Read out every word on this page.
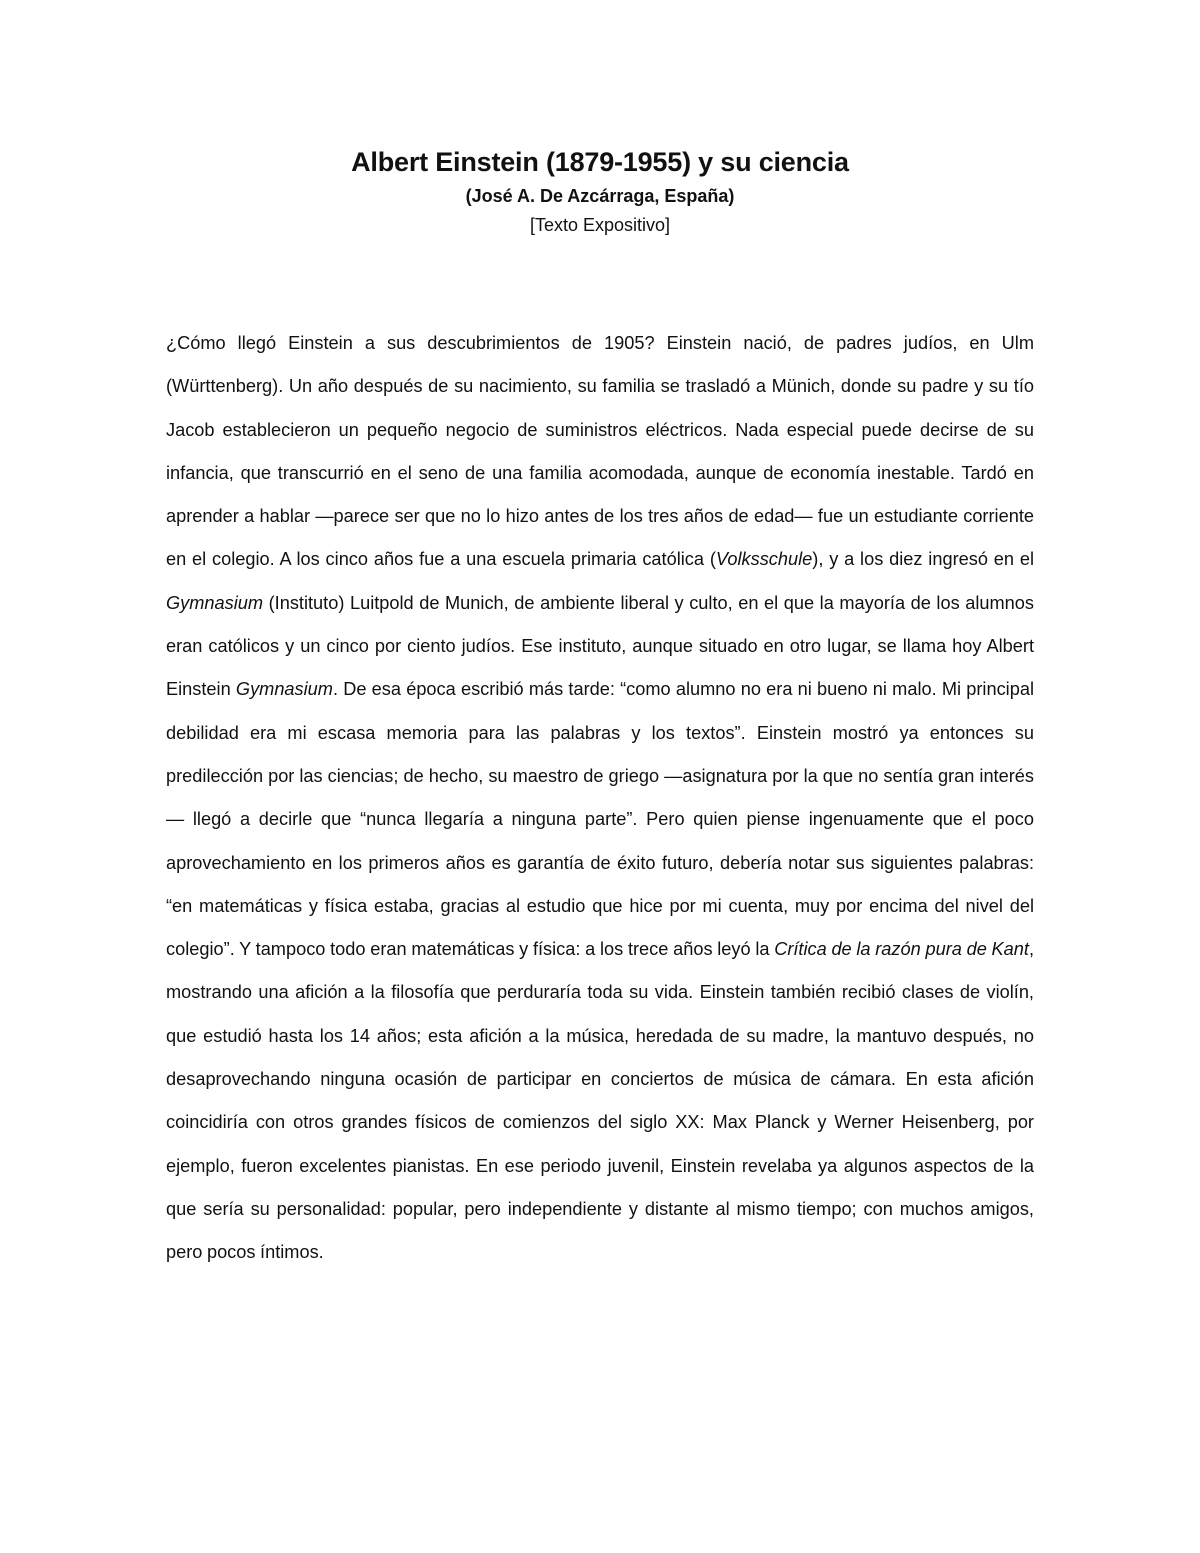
Albert Einstein (1879-1955) y su ciencia

(José A. De Azcárraga, España)

[Texto Expositivo]

¿Cómo llegó Einstein a sus descubrimientos de 1905? Einstein nació, de padres judíos, en Ulm (Württenberg). Un año después de su nacimiento, su familia se trasladó a Münich, donde su padre y su tío Jacob establecieron un pequeño negocio de suministros eléctricos. Nada especial puede decirse de su infancia, que transcurrió en el seno de una familia acomodada, aunque de economía inestable. Tardó en aprender a hablar —parece ser que no lo hizo antes de los tres años de edad— fue un estudiante corriente en el colegio. A los cinco años fue a una escuela primaria católica (Volksschule), y a los diez ingresó en el Gymnasium (Instituto) Luitpold de Munich, de ambiente liberal y culto, en el que la mayoría de los alumnos eran católicos y un cinco por ciento judíos. Ese instituto, aunque situado en otro lugar, se llama hoy Albert Einstein Gymnasium. De esa época escribió más tarde: “como alumno no era ni bueno ni malo. Mi principal debilidad era mi escasa memoria para las palabras y los textos”. Einstein mostró ya entonces su predilección por las ciencias; de hecho, su maestro de griego —asignatura por la que no sentía gran interés— llegó a decirle que “nunca llegaría a ninguna parte”. Pero quien piense ingenuamente que el poco aprovechamiento en los primeros años es garantía de éxito futuro, debería notar sus siguientes palabras: “en matemáticas y física estaba, gracias al estudio que hice por mi cuenta, muy por encima del nivel del colegio”. Y tampoco todo eran matemáticas y física: a los trece años leyó la Crítica de la razón pura de Kant, mostrando una afición a la filosofía que perduraría toda su vida. Einstein también recibió clases de violín, que estudió hasta los 14 años; esta afición a la música, heredada de su madre, la mantuvo después, no desaprovechando ninguna ocasión de participar en conciertos de música de cámara. En esta afición coincidiría con otros grandes físicos de comienzos del siglo XX: Max Planck y Werner Heisenberg, por ejemplo, fueron excelentes pianistas. En ese periodo juvenil, Einstein revelaba ya algunos aspectos de la que sería su personalidad: popular, pero independiente y distante al mismo tiempo; con muchos amigos, pero pocos íntimos.
